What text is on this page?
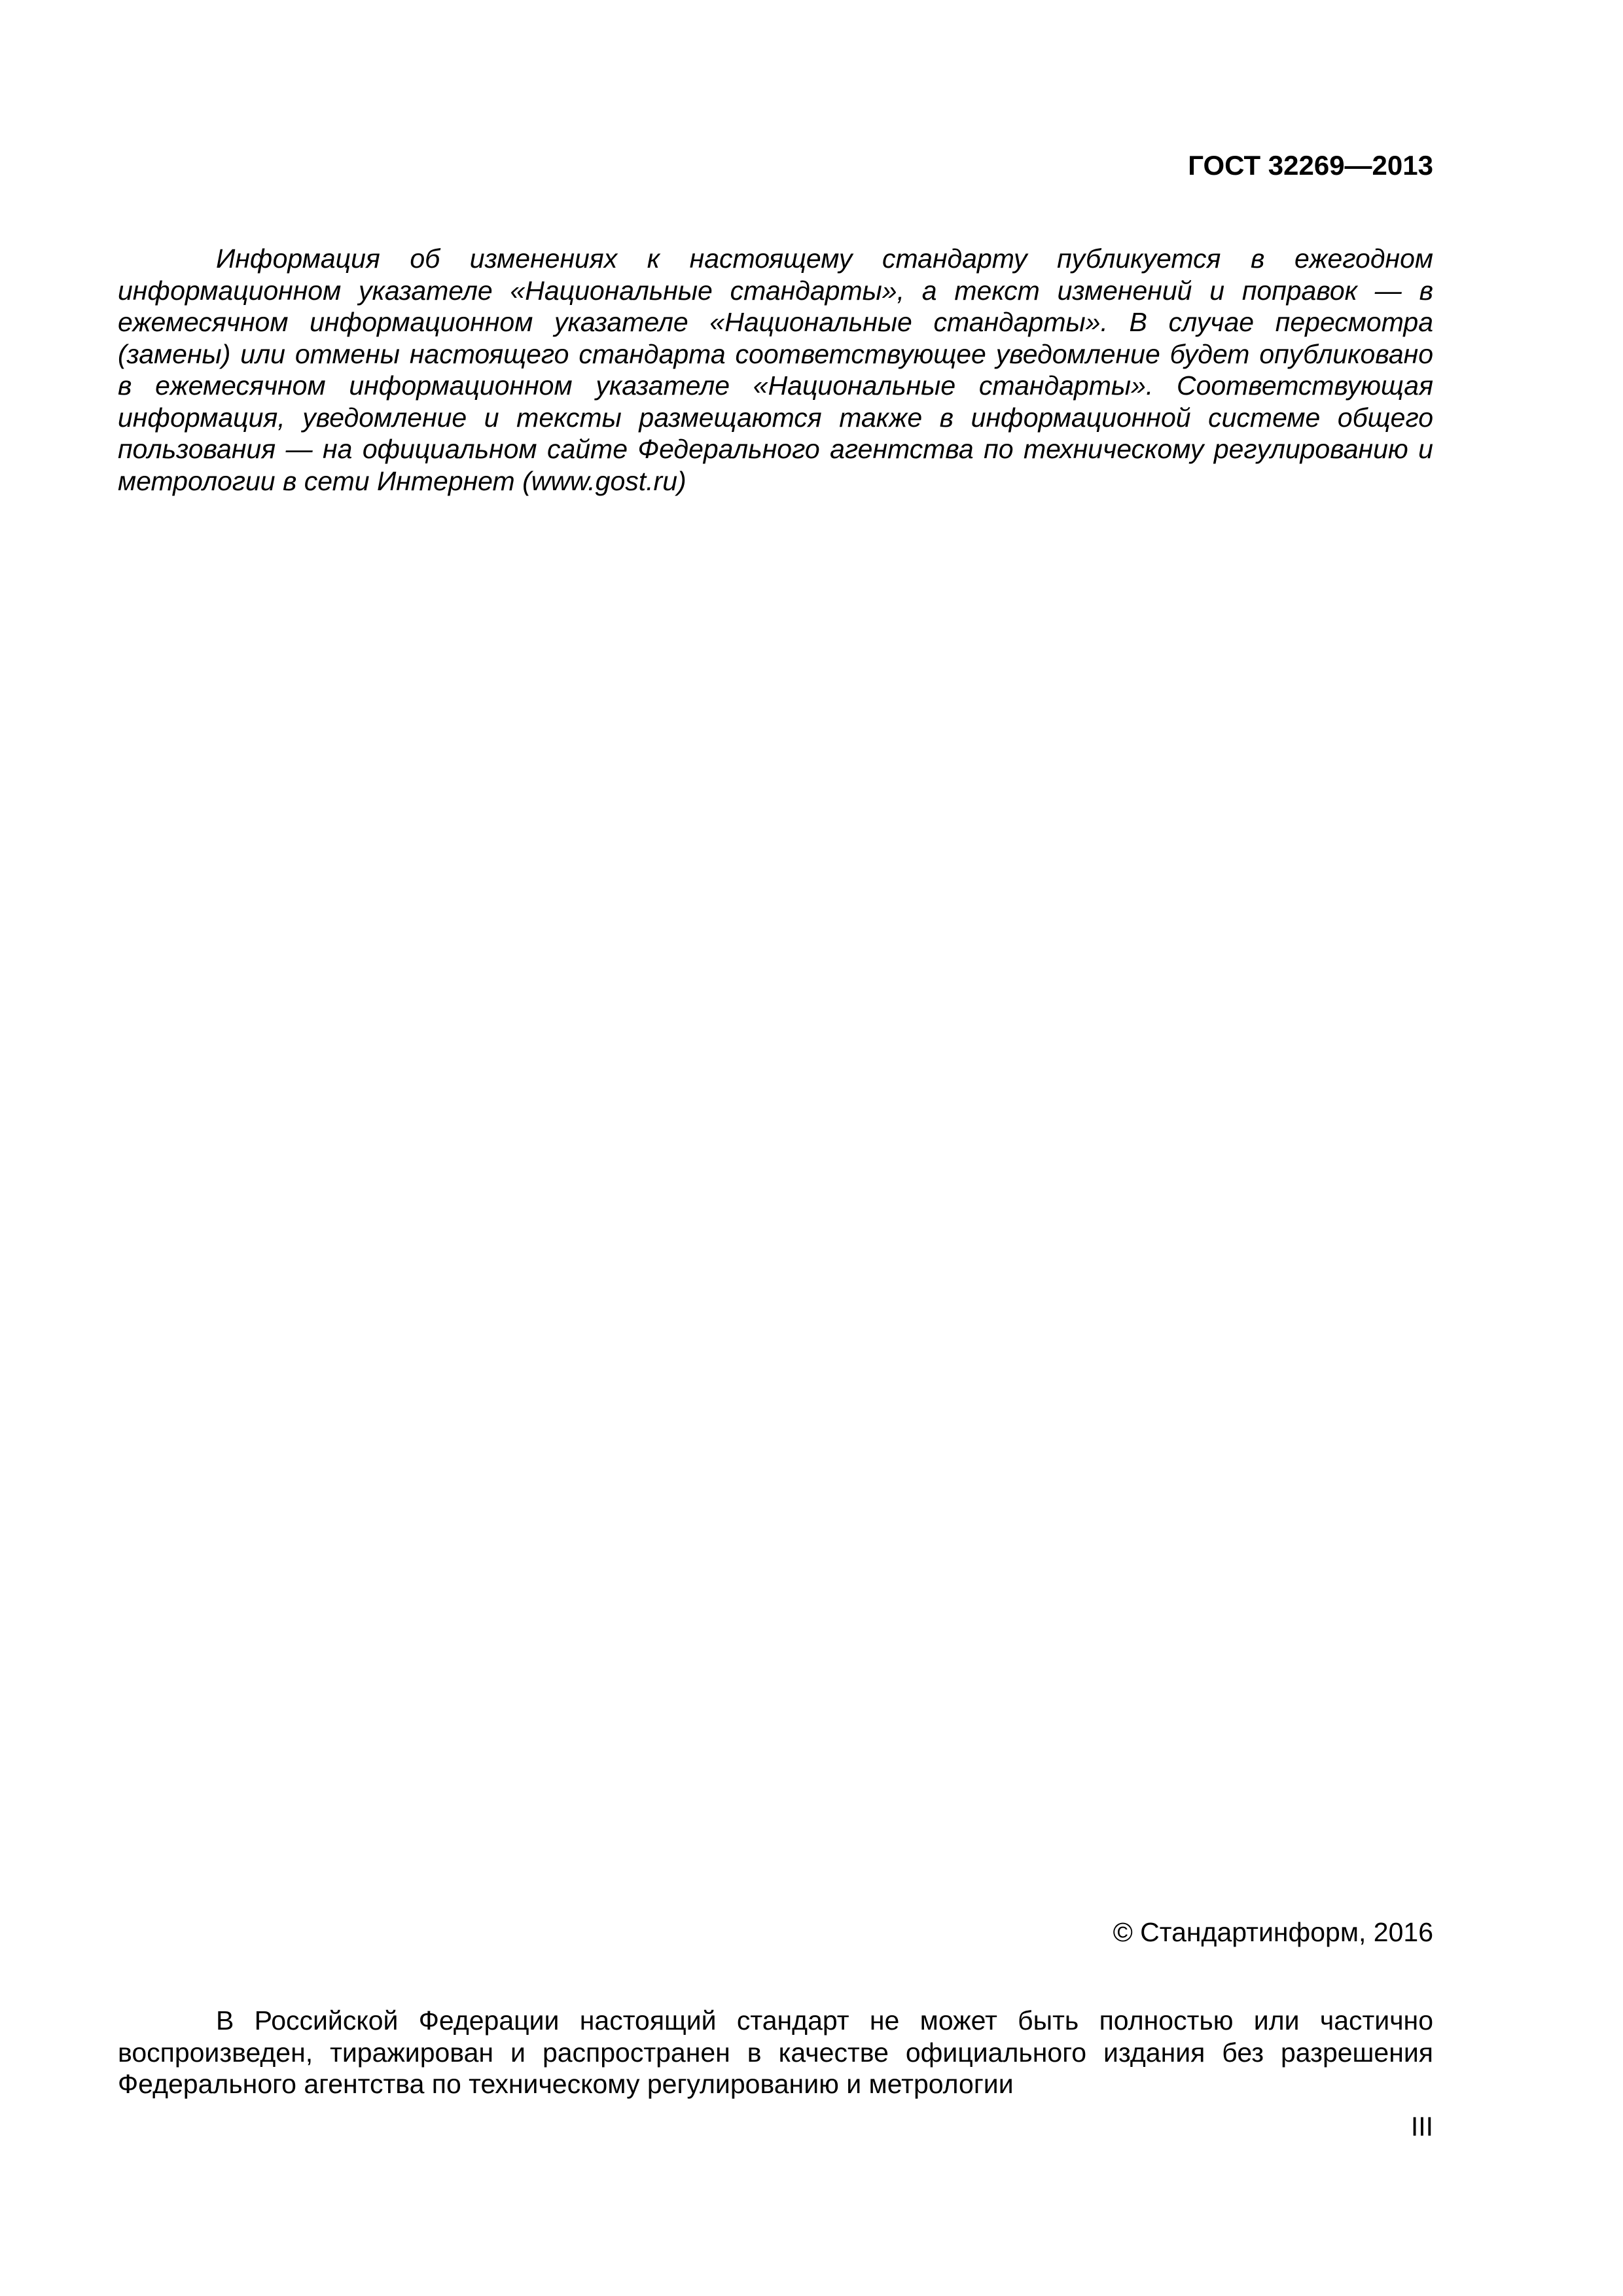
ГОСТ 32269—2013

Информация об изменениях к настоящему стандарту публикуется в ежегодном информационном указателе «Национальные стандарты», а текст изменений и поправок — в ежемесячном информационном указателе «Национальные стандарты». В случае пересмотра (замены) или отмены настоящего стандарта соответствующее уведомление будет опубликовано в ежемесячном информационном указателе «Национальные стандарты». Соответствующая информация, уведомление и тексты размещаются также в информационной системе общего пользования — на официальном сайте Федерального агентства по техническому регулированию и метрологии в сети Интернет (www.gost.ru)

© Стандартинформ, 2016

В Российской Федерации настоящий стандарт не может быть полностью или частично воспроизведен, тиражирован и распространен в качестве официального издания без разрешения Федерального агентства по техническому регулированию и метрологии

III
